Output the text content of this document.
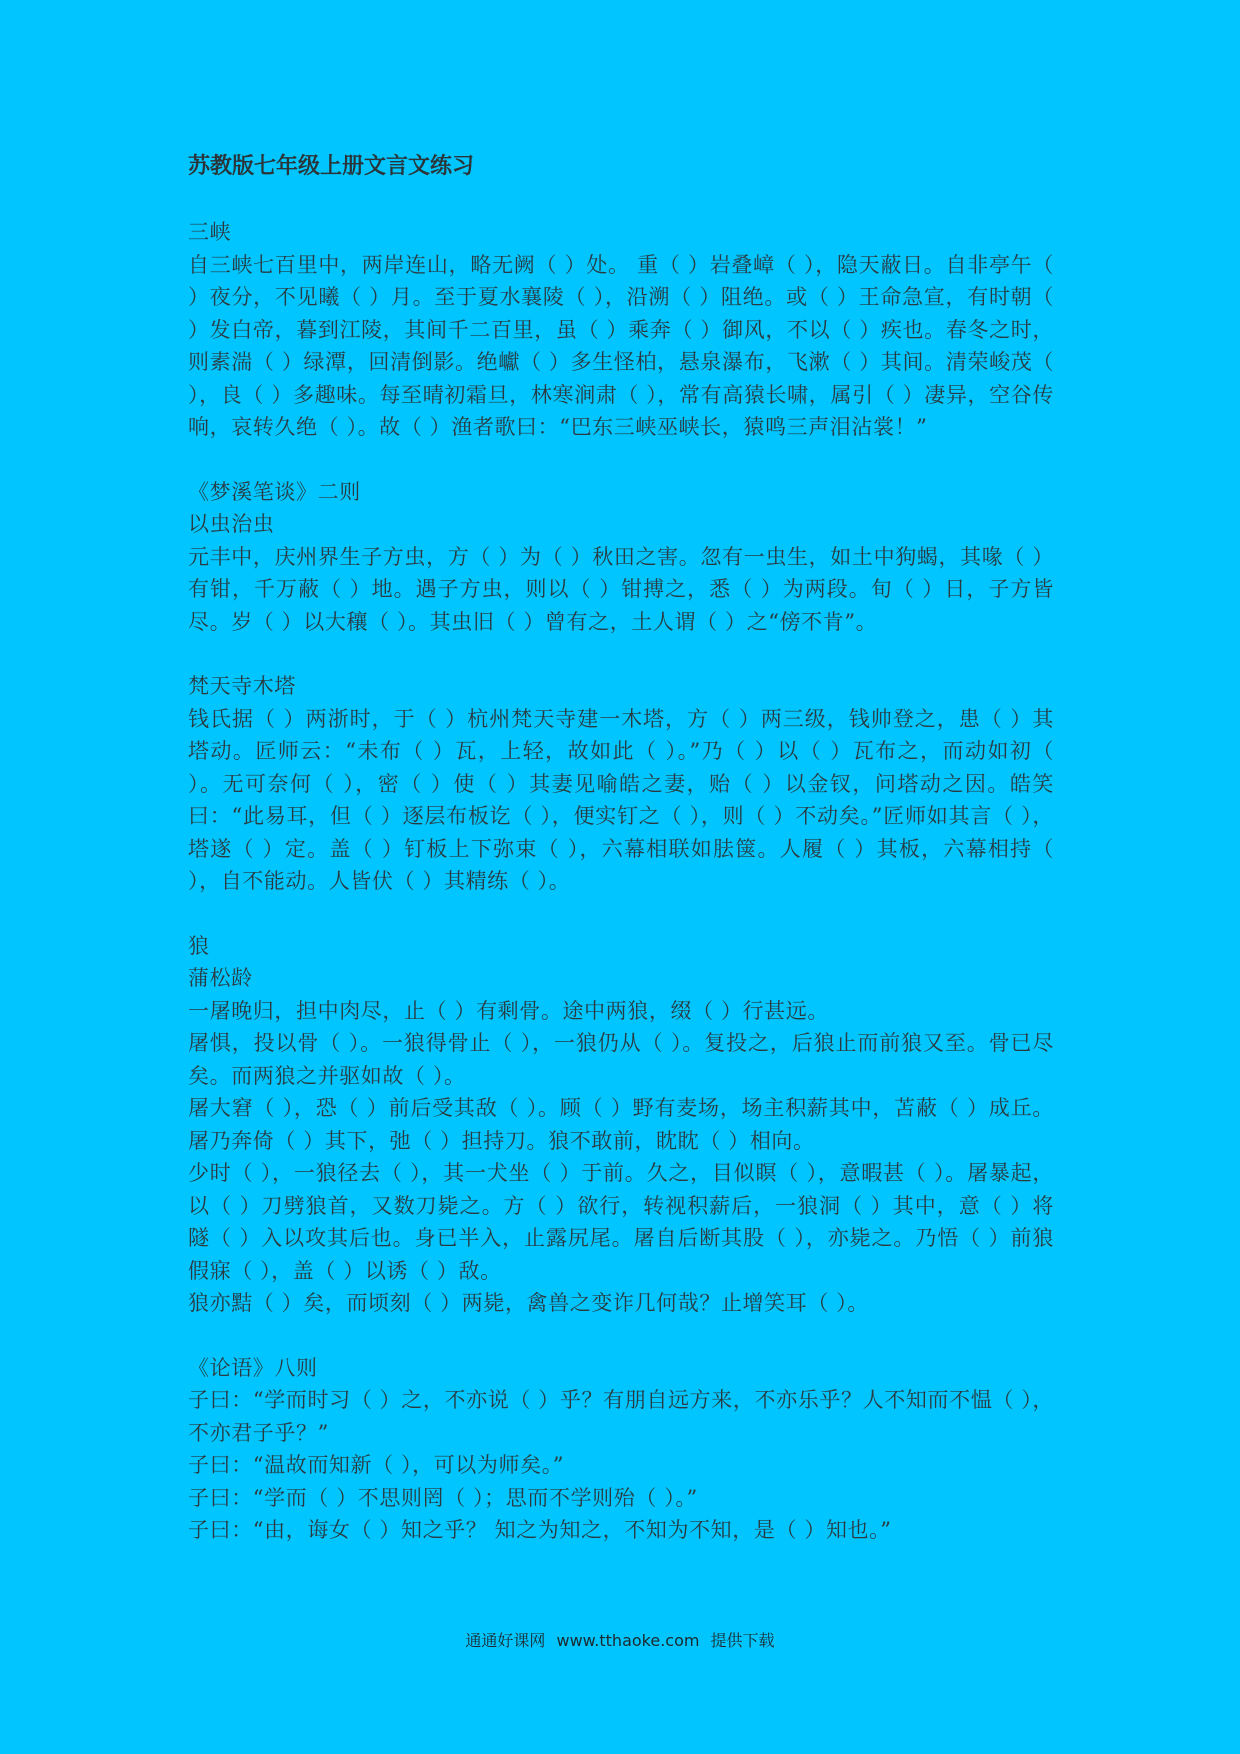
苏教版七年级上册文言文练习

三峡

自三峡七百里中，两岸连山，略无阙（ ）处。 重（ ）岩叠嶂（ ），隐天蔽日。自非亭午（ ）夜分，不见曦（ ）月。至于夏水襄陵（ ），沿溯（ ）阻绝。或（ ）王命急宣，有时朝（ ）发白帝，暮到江陵，其间千二百里，虽（ ）乘奔（ ）御风，不以（ ）疾也。春冬之时，则素湍（ ）绿潭，回清倒影。绝巘（ ）多生怪柏，悬泉瀑布，飞漱（ ）其间。清荣峻茂（ ），良（ ）多趣味。每至晴初霜旦，林寒涧肃（ ），常有高猿长啸，属引（ ）凄异，空谷传响，哀转久绝（ ）。故（ ）渔者歌曰：“巴东三峡巫峡长，猿鸣三声泪沾裳！”

《梦溪笔谈》二则

以虫治虫

元丰中，庆州界生子方虫，方（ ）为（ ）秋田之害。忽有一虫生，如土中狗蝎，其喙（ ）有钳，千万蔽（ ）地。遇子方虫，则以（ ）钳搏之，悉（ ）为两段。旬（ ）日，子方皆尽。岁（ ）以大穰（ ）。其虫旧（ ）曾有之，土人谓（ ）之“傍不肯”。

梵天寺木塔

钱氏据（ ）两浙时，于（ ）杭州梵天寺建一木塔，方（ ）两三级，钱帅登之，患（ ）其塔动。匠师云：“未布（ ）瓦，上轻，故如此（ ）。”乃（ ）以（ ）瓦布之，而动如初（ ）。无可奈何（ ），密（ ）使（ ）其妻见喻皓之妻，贻（ ）以金钗，问塔动之因。皓笑曰：“此易耳，但（ ）逐层布板讫（ ），便实钉之（ ），则（ ）不动矣。”匠师如其言（ ），塔遂（ ）定。盖（ ）钉板上下弥束（ ），六幕相联如胠箧。人履（ ）其板，六幕相持（ ），自不能动。人皆伏（ ）其精练（ ）。

狼

蒲松龄

一屠晚归，担中肉尽，止（ ）有剩骨。途中两狼，缀（ ）行甚远。

屠惧，投以骨（ ）。一狼得骨止（ ），一狼仍从（ ）。复投之，后狼止而前狼又至。骨已尽矣。而两狼之并驱如故（ ）。

屠大窘（ ），恐（ ）前后受其敌（ ）。顾（ ）野有麦场，场主积薪其中，苫蔽（ ）成丘。屠乃奔倚（ ）其下，弛（ ）担持刀。狼不敢前，眈眈（ ）相向。

少时（ ），一狼径去（ ），其一犬坐（ ）于前。久之，目似瞑（ ），意暇甚（ ）。屠暴起，以（ ）刀劈狼首，又数刀毙之。方（ ）欲行，转视积薪后，一狼洞（ ）其中，意（ ）将隧（ ）入以攻其后也。身已半入，止露尻尾。屠自后断其股（ ），亦毙之。乃悟（ ）前狼假寐（ ），盖（ ）以诱（ ）敌。

狼亦黠（ ）矣，而顷刻（ ）两毙，禽兽之变诈几何哉？止增笑耳（ ）。

《论语》八则

子曰：“学而时习（ ）之，不亦说（ ）乎？有朋自远方来，不亦乐乎？人不知而不愠（ ），不亦君子乎？”

子曰：“温故而知新（ ），可以为师矣。”

子曰：“学而（ ）不思则罔（ ）；思而不学则殆（ ）。”

子曰：“由，诲女（ ）知之乎？ 知之为知之，不知为不知，是（ ）知也。”

通通好课网 www.tthaoke.com 提供下载
